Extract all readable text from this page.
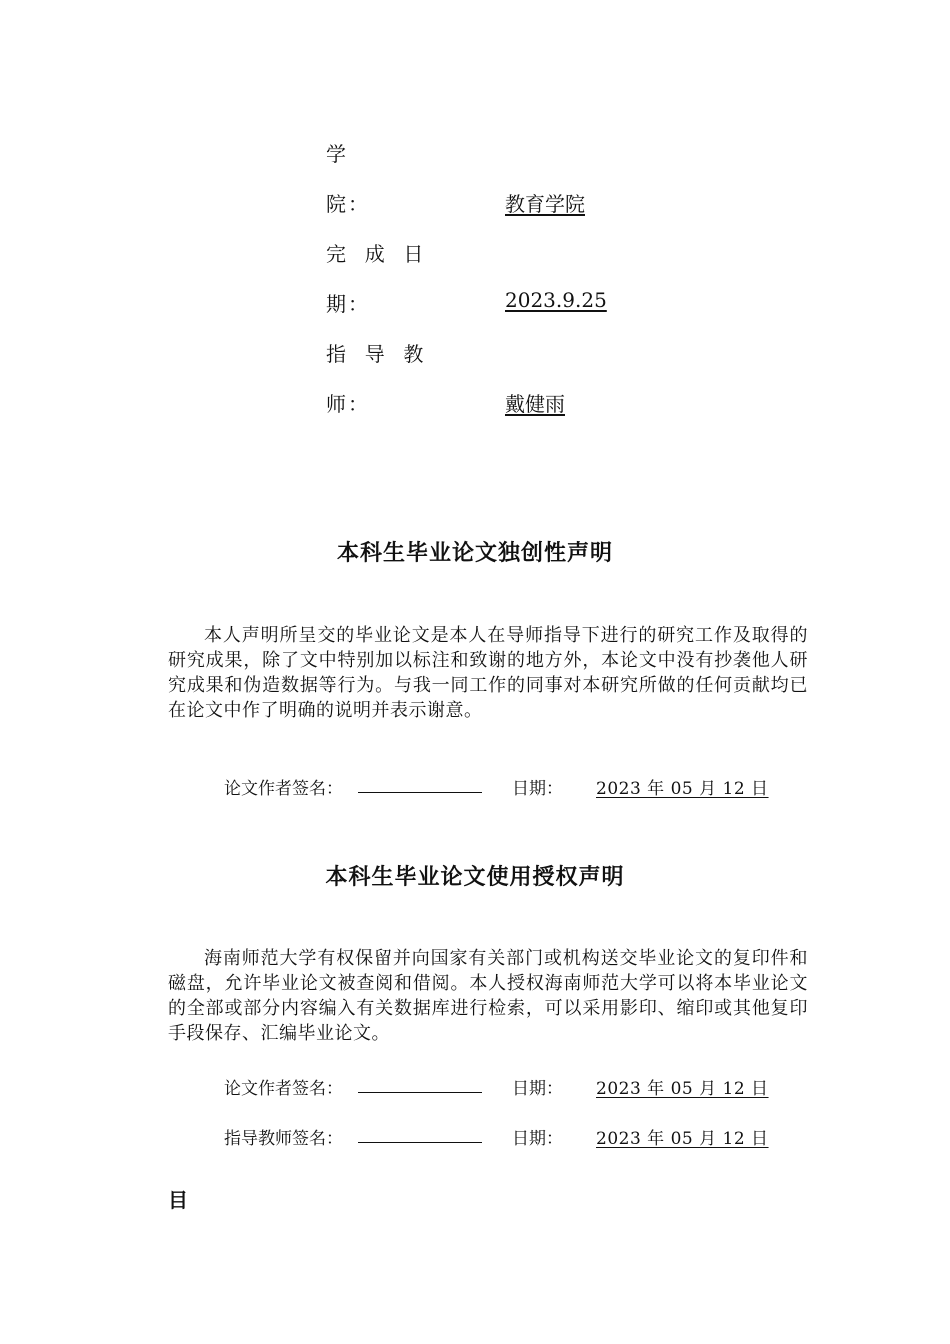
学
院：	教育学院
完  成  日
期：	2023.9.25
指  导  教
师：	戴健雨
本科生毕业论文独创性声明

本人声明所呈交的毕业论文是本人在导师指导下进行的研究工作及取得的研究成果，除了文中特别加以标注和致谢的地方外，本论文中没有抄袭他人研究成果和伪造数据等行为。与我一同工作的同事对本研究所做的任何贡献均已在论文中作了明确的说明并表示谢意。

论文作者签名：	日期：	2023 年 05 月 12 日
本科生毕业论文使用授权声明

海南师范大学有权保留并向国家有关部门或机构送交毕业论文的复印件和磁盘，允许毕业论文被查阅和借阅。本人授权海南师范大学可以将本毕业论文的全部或部分内容编入有关数据库进行检索，可以采用影印、缩印或其他复印手段保存、汇编毕业论文。

论文作者签名：	日期：	2023 年 05 月 12 日
指导教师签名：	日期：	2023 年 05 月 12 日
目
